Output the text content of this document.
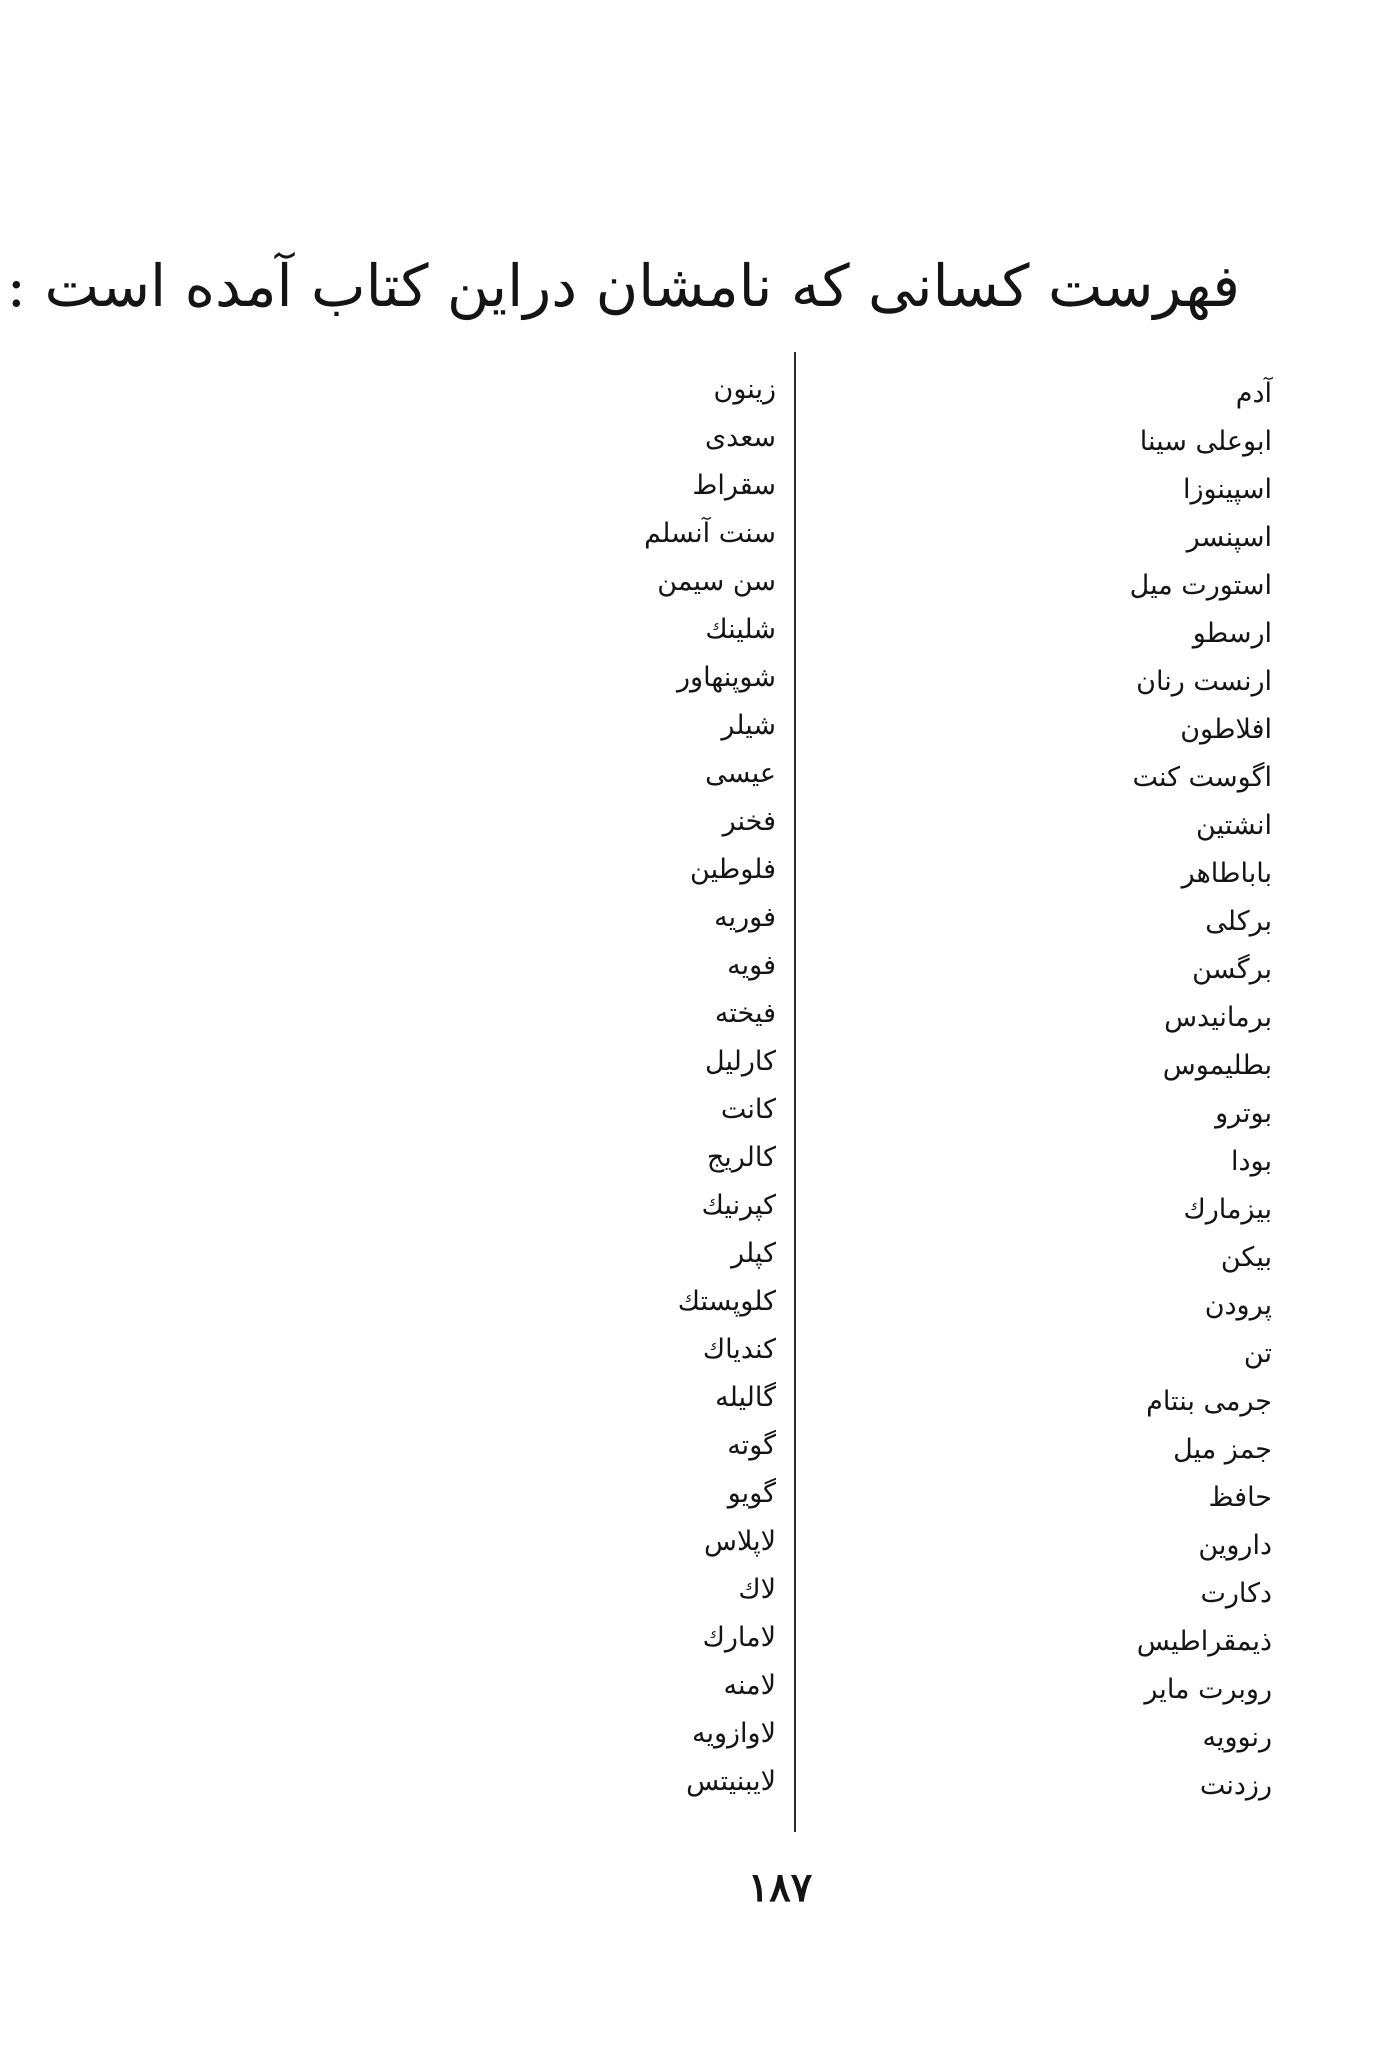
فهرست کسانی که نامشان دراین کتاب آمده است :
آدم
ابوعلی سینا
اسپینوزا
اسپنسر
استورت میل
ارسطو
ارنست رنان
افلاطون
اگوست کنت
انشتین
باباطاهر
برکلی
برگسن
برمانیدس
بطلیموس
بوترو
بودا
بیزمارك
بیکن
پرودن
تن
جرمی بنتام
جمز میل
حافظ
داروین
دکارت
ذیمقراطیس
روبرت مایر
رنوویه
رزدنت
زینون
سعدی
سقراط
سنت آنسلم
سن سیمن
شلینك
شوپنهاور
شیلر
عیسی
فخنر
فلوطین
فوریه
فویه
فیخته
کارلیل
کانت
کالریج
کپرنیك
کپلر
کلوپستك
کندیاك
گالیله
گوته
گویو
لاپلاس
لاك
لامارك
لامنه
لاوازویه
لایبنیتس
۱۸۷
